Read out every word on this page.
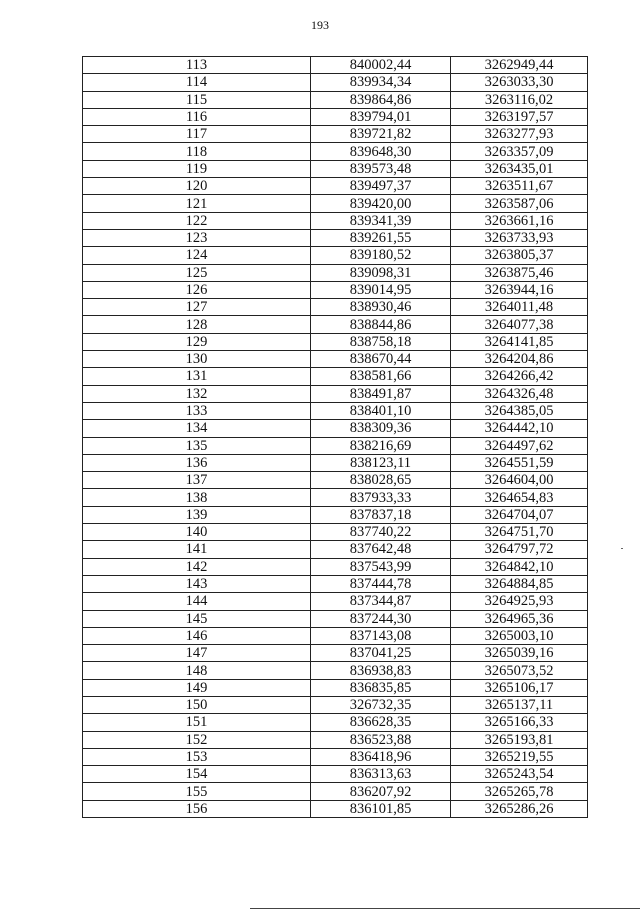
193
113	840002,44	3262949,44
114	839934,34	3263033,30
115	839864,86	3263116,02
116	839794,01	3263197,57
117	839721,82	3263277,93
118	839648,30	3263357,09
119	839573,48	3263435,01
120	839497,37	3263511,67
121	839420,00	3263587,06
122	839341,39	3263661,16
123	839261,55	3263733,93
124	839180,52	3263805,37
125	839098,31	3263875,46
126	839014,95	3263944,16
127	838930,46	3264011,48
128	838844,86	3264077,38
129	838758,18	3264141,85
130	838670,44	3264204,86
131	838581,66	3264266,42
132	838491,87	3264326,48
133	838401,10	3264385,05
134	838309,36	3264442,10
135	838216,69	3264497,62
136	838123,11	3264551,59
137	838028,65	3264604,00
138	837933,33	3264654,83
139	837837,18	3264704,07
140	837740,22	3264751,70
141	837642,48	3264797,72
142	837543,99	3264842,10
143	837444,78	3264884,85
144	837344,87	3264925,93
145	837244,30	3264965,36
146	837143,08	3265003,10
147	837041,25	3265039,16
148	836938,83	3265073,52
149	836835,85	3265106,17
150	326732,35	3265137,11
151	836628,35	3265166,33
152	836523,88	3265193,81
153	836418,96	3265219,55
154	836313,63	3265243,54
155	836207,92	3265265,78
156	836101,85	3265286,26
